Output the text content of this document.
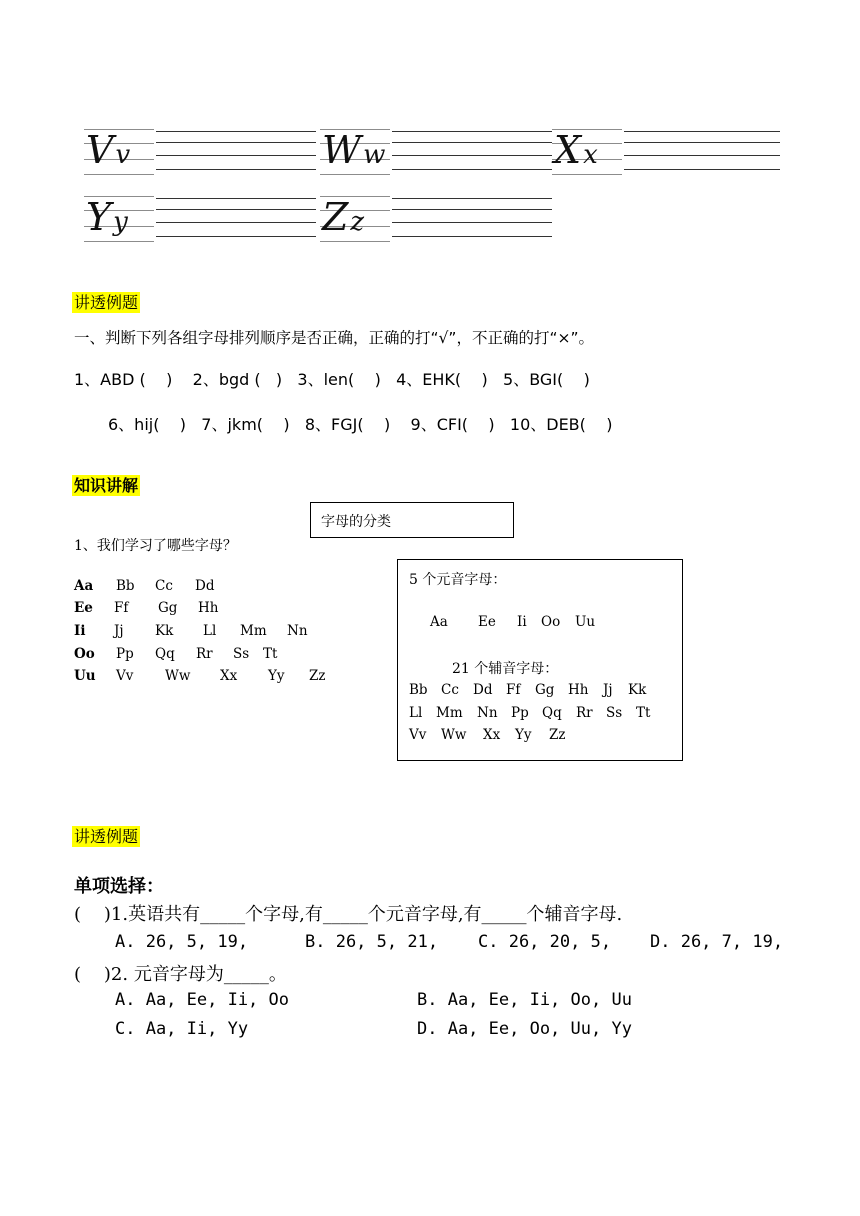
Vv	Ww	Xx
Yy	Zz
讲透例题
一、判断下列各组字母排列顺序是否正确，正确的打“√”，不正确的打“×”。
1、ABD (    )    2、bgd (   )   3、len(    )   4、EHK(    )   5、BGI(    )
6、hij(    )   7、jkm(    )   8、FGJ(    )    9、CFI(    )   10、DEB(    )
知识讲解
字母的分类
1、我们学习了哪些字母？
Aa Bb Cc Dd
Ee Ff Gg Hh
Ii Jj Kk Ll Mm Nn
Oo Pp Qq Rr Ss Tt
Uu Vv Ww Xx Yy Zz
5 个元音字母：
Aa Ee Ii Oo Uu
21 个辅音字母：
Bb Cc Dd Ff Gg Hh Jj Kk
Ll Mm Nn Pp Qq Rr Ss Tt
Vv Ww Xx Yy Zz
讲透例题
单项选择：
(    )1.英语共有_____个字母,有_____个元音字母,有_____个辅音字母.
A. 26, 5, 19,	B. 26, 5, 21, C. 26, 20, 5, D. 26, 7, 19,
(    )2. 元音字母为_____。
A. Aa, Ee, Ii, Oo	B. Aa, Ee, Ii, Oo, Uu
C. Aa, Ii, Yy	D. Aa, Ee, Oo, Uu, Yy
